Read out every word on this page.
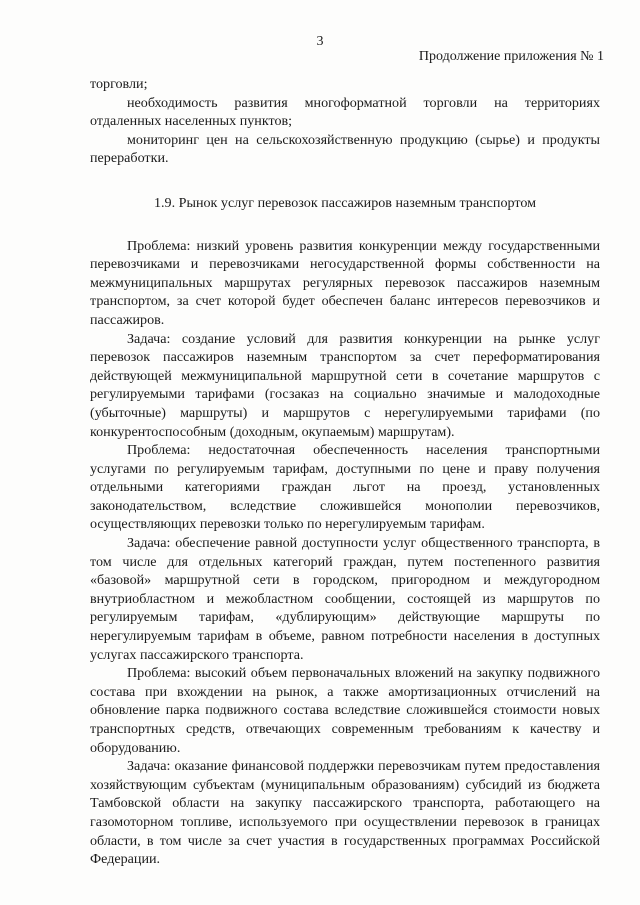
3
Продолжение приложения № 1

торговли;

необходимость развития многоформатной торговли на территориях отдаленных населенных пунктов;

мониторинг цен на сельскохозяйственную продукцию (сырье) и продукты переработки.

1.9. Рынок услуг перевозок пассажиров наземным транспортом

Проблема: низкий уровень развития конкуренции между государственными перевозчиками и перевозчиками негосударственной формы собственности на межмуниципальных маршрутах регулярных перевозок пассажиров наземным транспортом, за счет которой будет обеспечен баланс интересов перевозчиков и пассажиров.

Задача: создание условий для развития конкуренции на рынке услуг перевозок пассажиров наземным транспортом за счет переформатирования действующей межмуниципальной маршрутной сети в сочетание маршрутов с регулируемыми тарифами (госзаказ на социально значимые и малодоходные (убыточные) маршруты) и маршрутов с нерегулируемыми тарифами (по конкурентоспособным (доходным, окупаемым) маршрутам).

Проблема: недостаточная обеспеченность населения транспортными услугами по регулируемым тарифам, доступными по цене и праву получения отдельными категориями граждан льгот на проезд, установленных законодательством, вследствие сложившейся монополии перевозчиков, осуществляющих перевозки только по нерегулируемым тарифам.

Задача: обеспечение равной доступности услуг общественного транспорта, в том числе для отдельных категорий граждан, путем постепенного развития «базовой» маршрутной сети в городском, пригородном и междугородном внутриобластном и межобластном сообщении, состоящей из маршрутов по регулируемым тарифам, «дублирующим» действующие маршруты по нерегулируемым тарифам в объеме, равном потребности населения в доступных услугах пассажирского транспорта.

Проблема: высокий объем первоначальных вложений на закупку подвижного состава при вхождении на рынок, а также амортизационных отчислений на обновление парка подвижного состава вследствие сложившейся стоимости новых транспортных средств, отвечающих современным требованиям к качеству и оборудованию.

Задача: оказание финансовой поддержки перевозчикам путем предоставления хозяйствующим субъектам (муниципальным образованиям) субсидий из бюджета Тамбовской области на закупку пассажирского транспорта, работающего на газомоторном топливе, используемого при осуществлении перевозок в границах области, в том числе за счет участия в государственных программах Российской Федерации.
